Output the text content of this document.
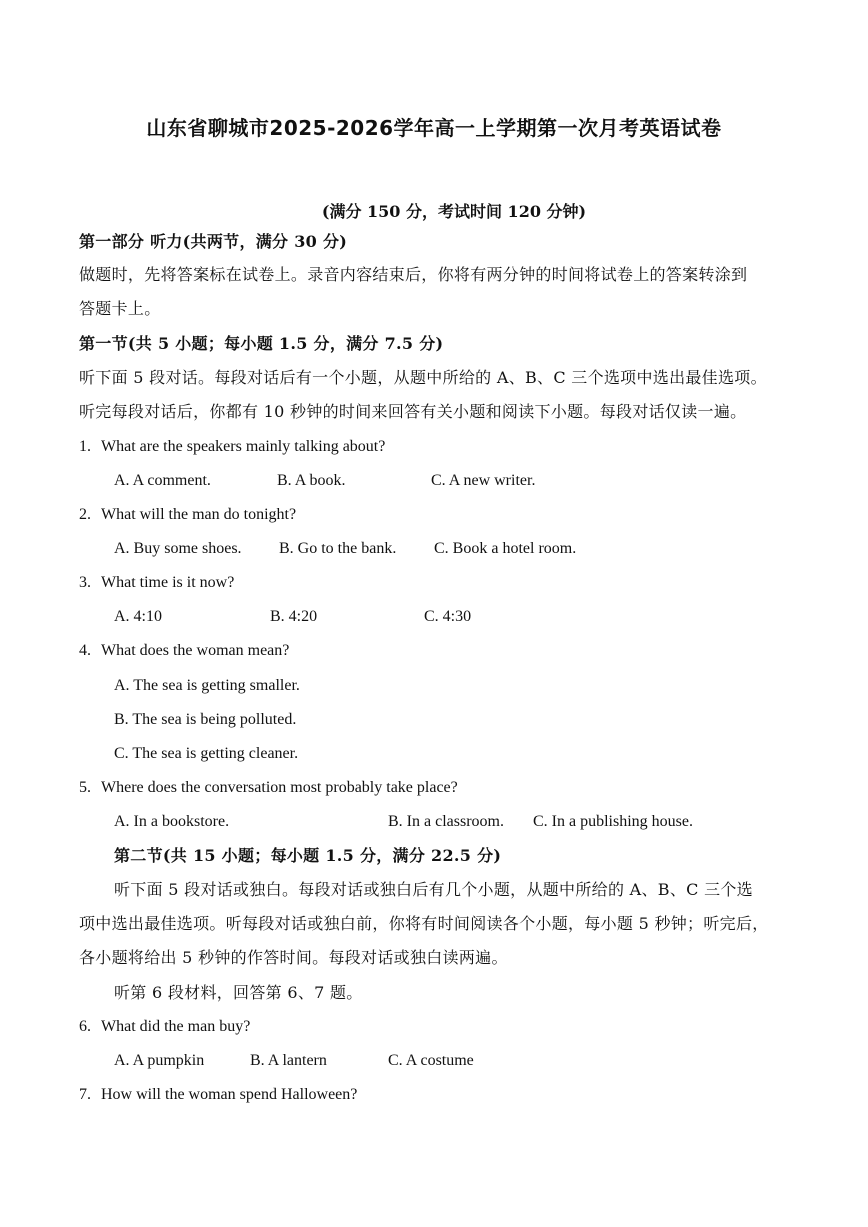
山东省聊城市2025-2026学年高一上学期第一次月考英语试卷
(满分 150 分，考试时间 120 分钟)
第一部分 听力(共两节，满分 30 分)
做题时，先将答案标在试卷上。录音内容结束后，你将有两分钟的时间将试卷上的答案转涂到
答题卡上。
第一节(共 5 小题；每小题 1.5 分，满分 7.5 分)
听下面 5 段对话。每段对话后有一个小题，从题中所给的 A、B、C 三个选项中选出最佳选项。
听完每段对话后，你都有 10 秒钟的时间来回答有关小题和阅读下小题。每段对话仅读一遍。
1. What are the speakers mainly talking about?
A. A comment.	B. A book.	C. A new writer.
2. What will the man do tonight?
A. Buy some shoes. B. Go to the bank. C. Book a hotel room.
3. What time is it now?
A. 4:10	B. 4:20	C. 4:30
4. What does the woman mean?
A. The sea is getting smaller.
B. The sea is being polluted.
C. The sea is getting cleaner.
5. Where does the conversation most probably take place?
A. In a bookstore.	B. In a classroom. C. In a publishing house.
第二节(共 15 小题；每小题 1.5 分，满分 22.5 分)
听下面 5 段对话或独白。每段对话或独白后有几个小题，从题中所给的 A、B、C 三个选
项中选出最佳选项。听每段对话或独白前，你将有时间阅读各个小题，每小题 5 秒钟；听完后，
各小题将给出 5 秒钟的作答时间。每段对话或独白读两遍。
听第 6 段材料，回答第 6、7 题。
6. What did the man buy?
A. A pumpkin	B. A lantern	C. A costume
7. How will the woman spend Halloween?
